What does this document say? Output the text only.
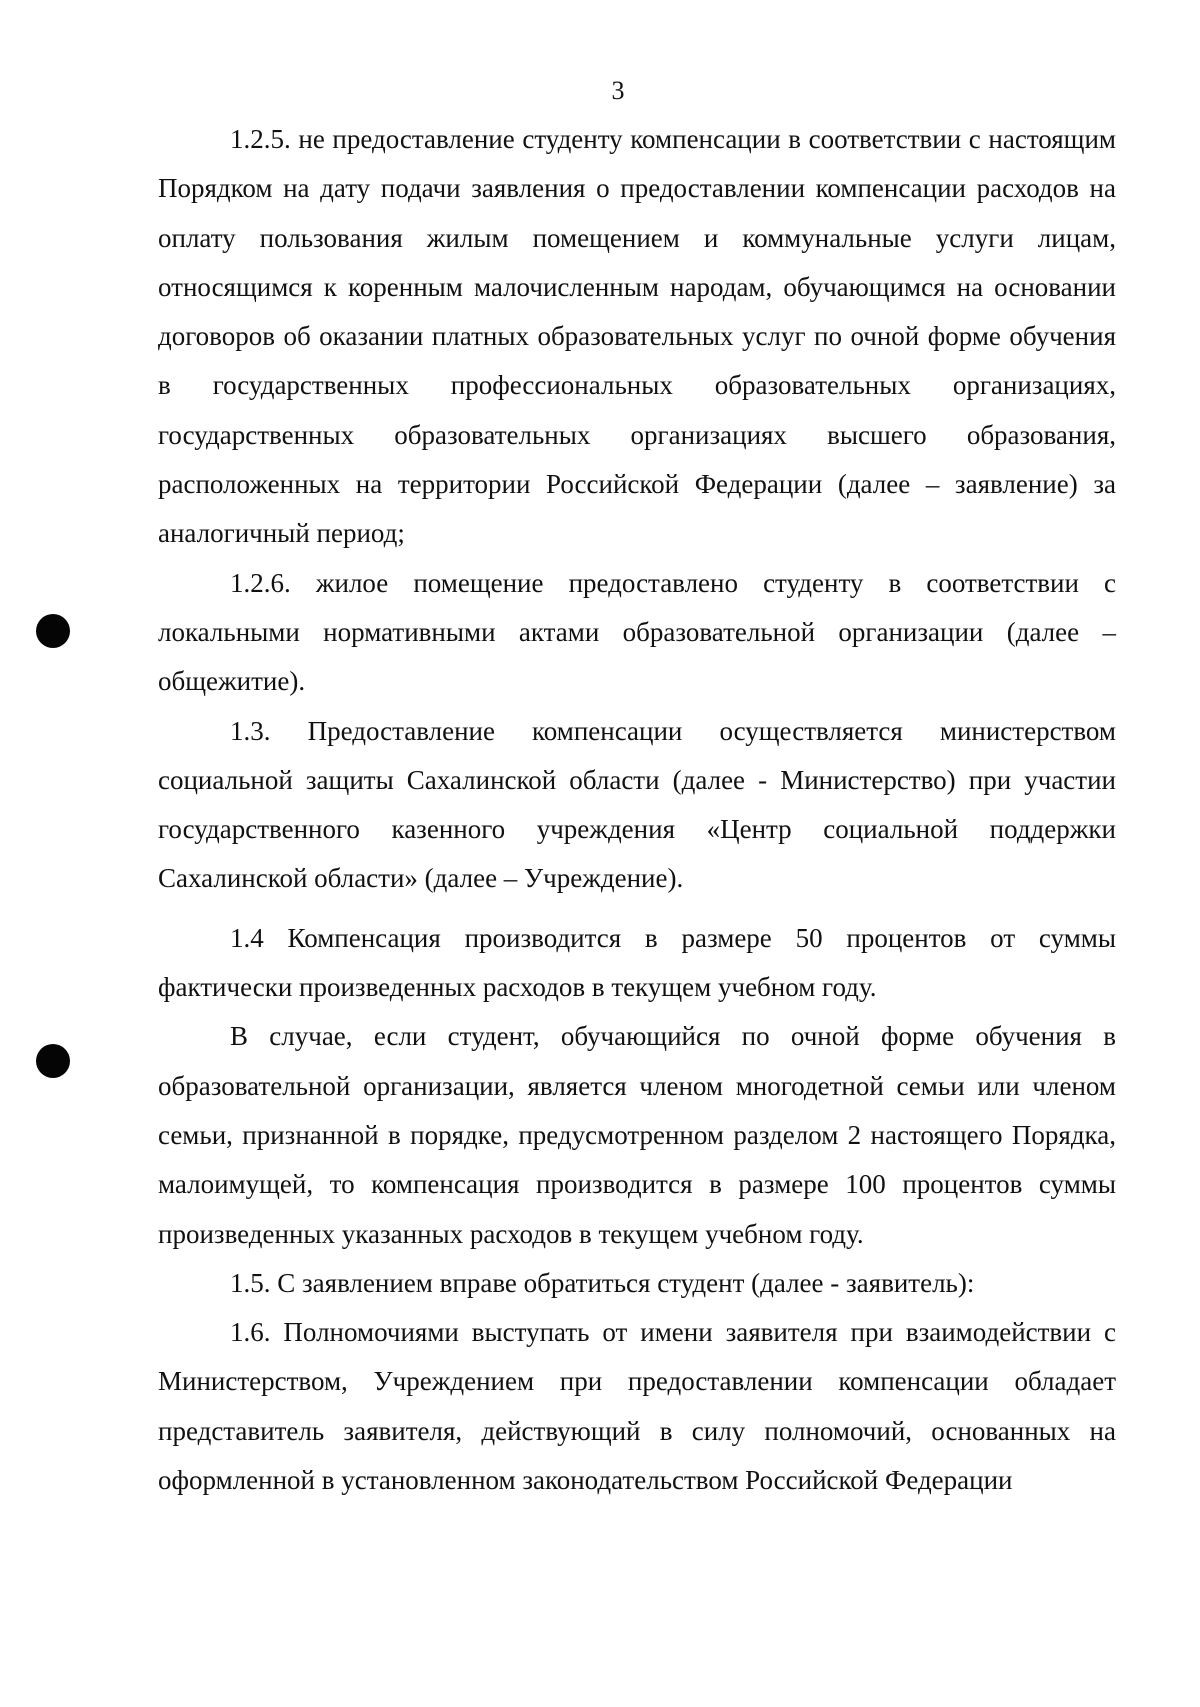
3

1.2.5. не предоставление студенту компенсации в соответствии с настоящим Порядком на дату подачи заявления о предоставлении компенсации расходов на оплату пользования жилым помещением и коммунальные услуги лицам, относящимся к коренным малочисленным народам, обучающимся на основании договоров об оказании платных образовательных услуг по очной форме обучения в государственных профессиональных образовательных организациях, государственных образовательных организациях высшего образования, расположенных на территории Российской Федерации (далее – заявление) за аналогичный период;

1.2.6. жилое помещение предоставлено студенту в соответствии с локальными нормативными актами образовательной организации (далее – общежитие).

1.3. Предоставление компенсации осуществляется министерством социальной защиты Сахалинской области (далее - Министерство) при участии государственного казенного учреждения «Центр социальной поддержки Сахалинской области» (далее – Учреждение).

1.4 Компенсация производится в размере 50 процентов от суммы фактически произведенных расходов в текущем учебном году.

В случае, если студент, обучающийся по очной форме обучения в образовательной организации, является членом многодетной семьи или членом семьи, признанной в порядке, предусмотренном разделом 2 настоящего Порядка, малоимущей, то компенсация производится в размере 100 процентов суммы произведенных указанных расходов в текущем учебном году.

1.5. С заявлением вправе обратиться студент (далее - заявитель):

1.6. Полномочиями выступать от имени заявителя при взаимодействии с Министерством, Учреждением при предоставлении компенсации обладает представитель заявителя, действующий в силу полномочий, основанных на оформленной в установленном законодательством Российской Федерации
